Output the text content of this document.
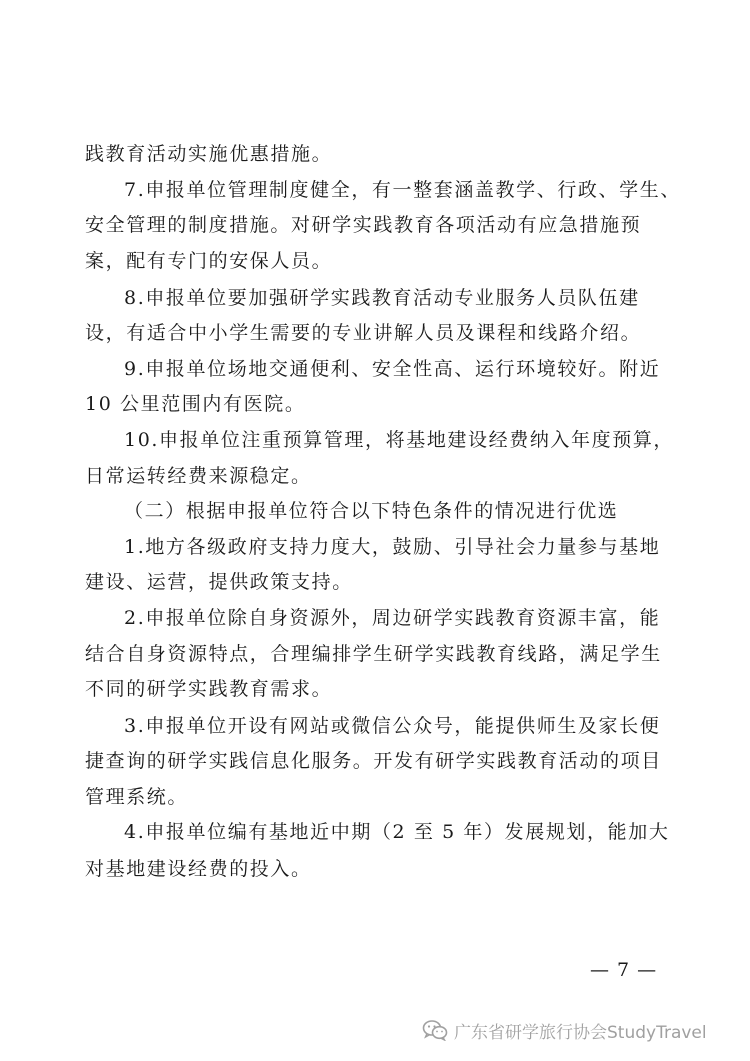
践教育活动实施优惠措施。
7.申报单位管理制度健全，有一整套涵盖教学、行政、学生、
安全管理的制度措施。对研学实践教育各项活动有应急措施预
案，配有专门的安保人员。
8.申报单位要加强研学实践教育活动专业服务人员队伍建
设，有适合中小学生需要的专业讲解人员及课程和线路介绍。
9.申报单位场地交通便利、安全性高、运行环境较好。附近
10 公里范围内有医院。
10.申报单位注重预算管理，将基地建设经费纳入年度预算，
日常运转经费来源稳定。
（二）根据申报单位符合以下特色条件的情况进行优选
1.地方各级政府支持力度大，鼓励、引导社会力量参与基地
建设、运营，提供政策支持。
2.申报单位除自身资源外，周边研学实践教育资源丰富，能
结合自身资源特点，合理编排学生研学实践教育线路，满足学生
不同的研学实践教育需求。
3.申报单位开设有网站或微信公众号，能提供师生及家长便
捷查询的研学实践信息化服务。开发有研学实践教育活动的项目
管理系统。
4.申报单位编有基地近中期（2 至 5 年）发展规划，能加大
对基地建设经费的投入。
— 7 —
广东省研学旅行协会StudyTravel
